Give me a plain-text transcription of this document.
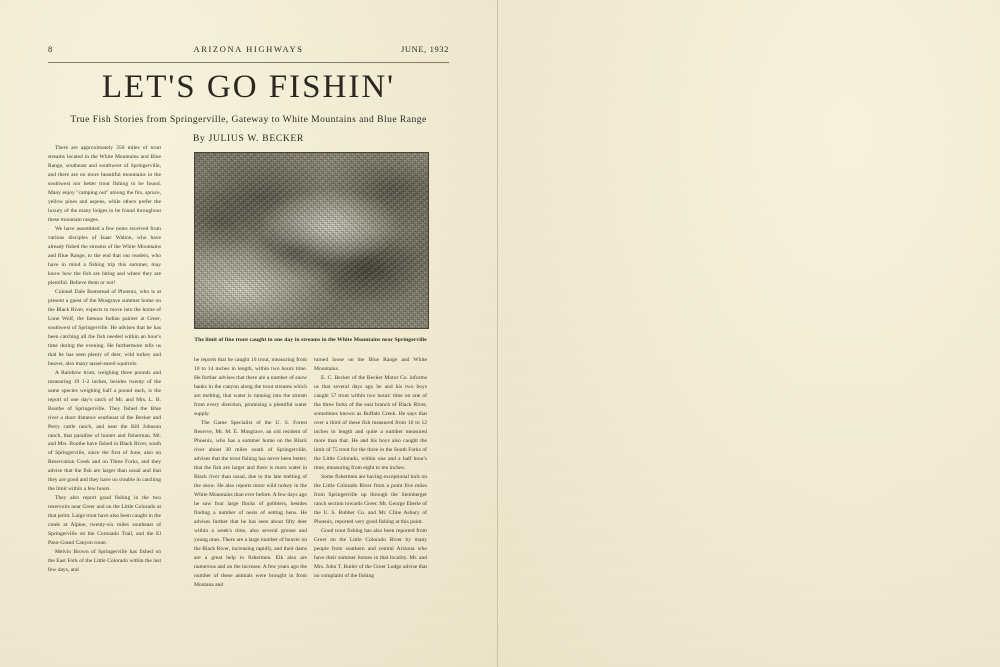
8	ARIZONA HIGHWAYS	JUNE, 1932
LET'S GO FISHIN'
True Fish Stories from Springerville, Gateway to White Mountains and Blue Range
By JULIUS W. BECKER
The limit of fine trout caught in one day in streams in the White Mountains near Springerville

There are approximately 350 miles of trout streams located in the White Mountains and Blue Range, southeast and southwest of Springerville, and there are no more beautiful mountains in the southwest nor better trout fishing to be found. Many enjoy "camping out" among the firs, spruce, yellow pines and aspens, while others prefer the luxury of the many lodges to be found throughout these mountain ranges.

We have assembled a few notes received from various disciples of Isaac Walton, who have already fished the streams of the White Mountains and Blue Range, to the end that our readers, who have in mind a fishing trip this summer, may know how the fish are biting and where they are plentiful. Believe them or not!

Colonel Dale Bumstead of Phoenix, who is at present a guest of the Musgrave summer home on the Black River, expects to move into the home of Lone Wolf, the famous Indian painter at Greer, southwest of Springerville. He advises that he has been catching all the fish needed within an hour's time during the evening. He furthermore tells us that he has seen plenty of deer, wild turkey and beaver, also many tassel-eared squirrels.

A Rainbow trout, weighing three pounds and measuring 19 1-2 inches, besides twenty of the same species weighing half a pound each, is the report of one day's catch of Mr. and Mrs. L. B. Boothe of Springerville. They fished the Blue river a short distance southeast of the Becker and Perry cattle ranch, and near the Bill Johnson ranch, that paradise of hunter and fisherman. Mr. and Mrs. Boothe have fished in Black River, south of Springerville, since the first of June, also on Reservation Creek and on Three Forks, and they advise that the fish are larger than usual and that they are good and they have no trouble in catching the limit within a few hours.

They also report good fishing in the two reservoirs near Greer and on the Little Colorado at that point. Large trout have also been caught in the creek at Alpine, twenty-six miles southeast of Springerville on the Coronado Trail, and the El Paso-Grand Canyon route.

Melvin Brown of Springerville has fished on the East Fork of the Little Colorado within the last few days, and

he reports that he caught 16 trout, measuring from 10 to 14 inches in length, within two hours time. He further advises that there are a number of snow banks in the canyon along the trout streams which are melting, that water is running into the stream from every direction, promising a plentiful water supply.

The Game Specialist of the U. S. Forest Reserve, Mr. M. E. Musgrave, an old resident of Phoenix, who has a summer home on the Black river about 30 miles south of Springerville, advises that the trout fishing has never been better; that the fish are larger and there is more water in Black river than usual, due to the late melting of the snow. He also reports more wild turkey in the White Mountains than ever before. A few days ago he saw four large flocks of gobblers, besides finding a number of nests of setting hens. He advises further that he has seen about fifty deer within a week's time, also several grouse and young ones. There are a large number of beaver on the Black River, increasing rapidly, and their dams are a great help to fishermen. Elk also are numerous and on the increase. A few years ago the number of these animals were brought in from Montana and

turned loose on the Blue Range and White Mountains.

E. C. Becker of the Becker Motor Co. informs us that several days ago he and his two boys caught 57 trout within two hours' time on one of the three forks of the east branch of Black River, sometimes known as Buffalo Creek. He says that over a third of these fish measured from 10 to 12 inches in length and quite a number measured more than that. He and his boys also caught the limit of 75 trout for the three in the South Forks of the Little Colorado, within one and a half hour's time, measuring from eight to ten inches.

Some fishermen are having exceptional luck on the Little Colorado River from a point five miles from Springerville up through the Steinberger ranch section towards Greer. Mr. George Eberle of the U. S. Rubber Co. and Mr. Cline Asbury of Phoenix, reported very good fishing at this point.

Good trout fishing has also been reported from Greer on the Little Colorado River by many people from southern and central Arizona who have their summer homes in that locality. Mr. and Mrs. John T. Butler of the Greer Lodge advise that no complaint of the fishing
